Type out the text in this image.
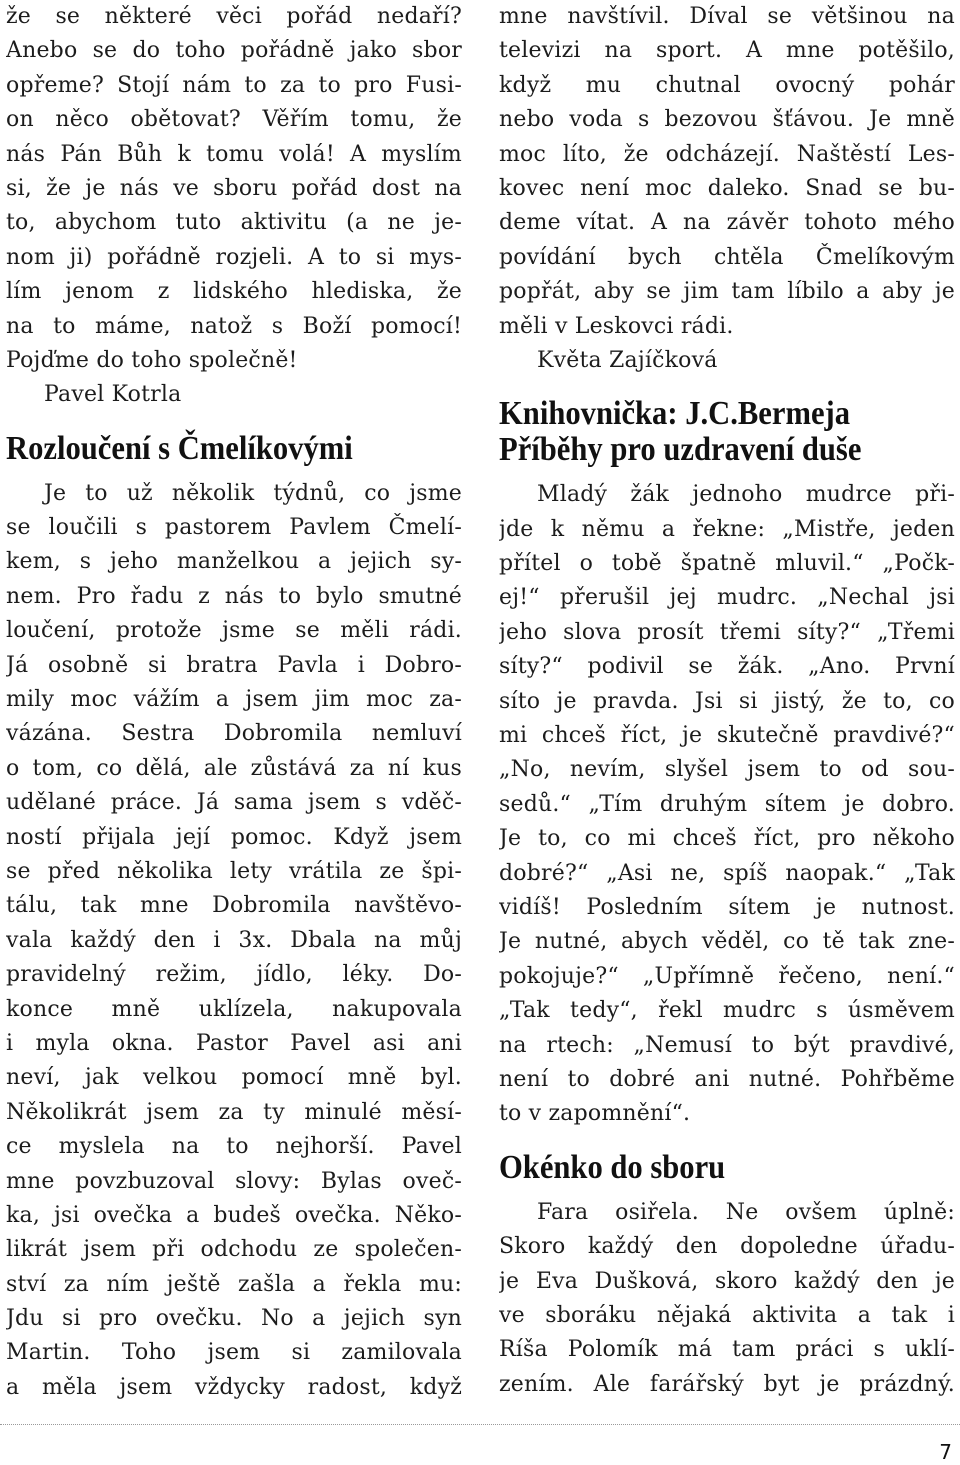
že se některé věci pořád nedaří?
Anebo se do toho pořádně jako sbor
opřeme? Stojí nám to za to pro Fusi-
on něco obětovat? Věřím tomu, že
nás Pán Bůh k tomu volá! A myslím
si, že je nás ve sboru pořád dost na
to, abychom tuto aktivitu (a ne je-
nom ji) pořádně rozjeli. A to si mys-
lím jenom z lidského hlediska, že
na to máme, natož s Boží pomocí!
Pojďme do toho společně!
Pavel Kotrla
Rozloučení s Čmelíkovými
Je to už několik týdnů, co jsme
se loučili s pastorem Pavlem Čmelí-
kem, s jeho manželkou a jejich sy-
nem. Pro řadu z nás to bylo smutné
loučení, protože jsme se měli rádi.
Já osobně si bratra Pavla i Dobro-
mily moc vážím a jsem jim moc za-
vázána. Sestra Dobromila nemluví
o tom, co dělá, ale zůstává za ní kus
udělané práce. Já sama jsem s vděč-
ností přijala její pomoc. Když jsem
se před několika lety vrátila ze špi-
tálu, tak mne Dobromila navštěvo-
vala každý den i 3x. Dbala na můj
pravidelný režim, jídlo, léky. Do-
konce mně uklízela, nakupovala
i myla okna. Pastor Pavel asi ani
neví, jak velkou pomocí mně byl.
Několikrát jsem za ty minulé měsí-
ce myslela na to nejhorší. Pavel
mne povzbuzoval slovy: Bylas oveč-
ka, jsi ovečka a budeš ovečka. Něko-
likrát jsem při odchodu ze společen-
ství za ním ještě zašla a řekla mu:
Jdu si pro ovečku. No a jejich syn
Martin. Toho jsem si zamilovala
a měla jsem vždycky radost, když
mne navštívil. Díval se většinou na
televizi na sport. A mne potěšilo,
když mu chutnal ovocný pohár
nebo voda s bezovou šťávou. Je mně
moc líto, že odcházejí. Naštěstí Les-
kovec není moc daleko. Snad se bu-
deme vítat. A na závěr tohoto mého
povídání bych chtěla Čmelíkovým
popřát, aby se jim tam líbilo a aby je
měli v Leskovci rádi.
Květa Zajíčková
Knihovnička: J.C.Bermeja
Příběhy pro uzdravení duše
Mladý žák jednoho mudrce při-
jde k němu a řekne: „Mistře, jeden
přítel o tobě špatně mluvil.“ „Počk-
ej!“ přerušil jej mudrc. „Nechal jsi
jeho slova prosít třemi síty?“ „Třemi
síty?“ podivil se žák. „Ano. První
síto je pravda. Jsi si jistý, že to, co
mi chceš říct, je skutečně pravdivé?“
„No, nevím, slyšel jsem to od sou-
sedů.“ „Tím druhým sítem je dobro.
Je to, co mi chceš říct, pro někoho
dobré?“ „Asi ne, spíš naopak.“ „Tak
vidíš! Posledním sítem je nutnost.
Je nutné, abych věděl, co tě tak zne-
pokojuje?“ „Upřímně řečeno, není.“
„Tak tedy“, řekl mudrc s úsměvem
na rtech: „Nemusí to být pravdivé,
není to dobré ani nutné. Pohřběme
to v zapomnění“.
Okénko do sboru
Fara osiřela. Ne ovšem úplně:
Skoro každý den dopoledne úřadu-
je Eva Dušková, skoro každý den je
ve sboráku nějaká aktivita a tak i
Ríša Polomík má tam práci s uklí-
zením. Ale farářský byt je prázdný.
7
